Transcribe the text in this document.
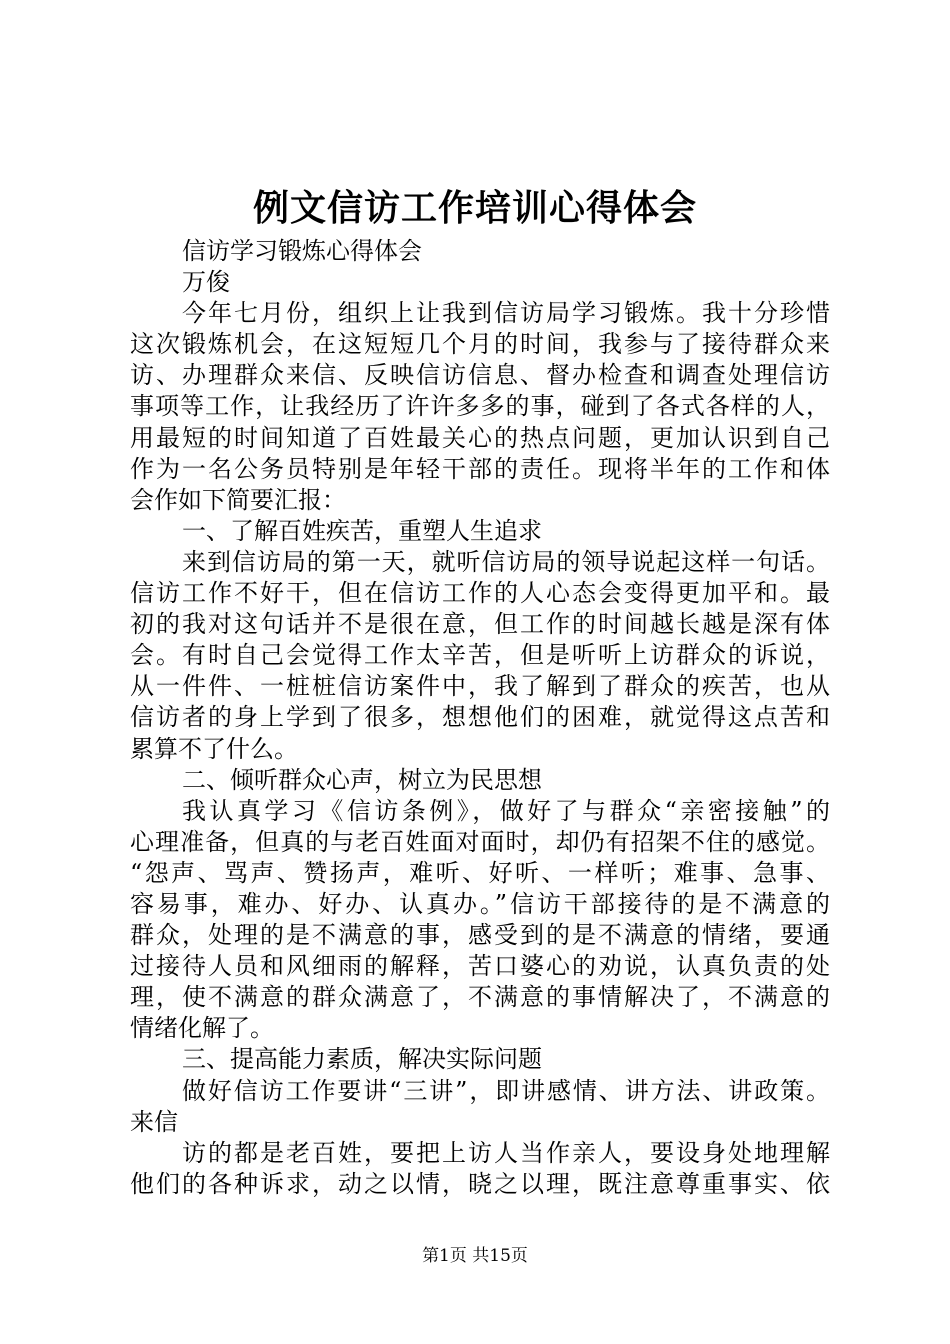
例文信访工作培训心得体会
信访学习锻炼心得体会
万俊
今年七月份，组织上让我到信访局学习锻炼。我十分珍惜
这次锻炼机会，在这短短几个月的时间，我参与了接待群众来
访、办理群众来信、反映信访信息、督办检查和调查处理信访
事项等工作，让我经历了许许多多的事，碰到了各式各样的人，
用最短的时间知道了百姓最关心的热点问题，更加认识到自己
作为一名公务员特别是年轻干部的责任。现将半年的工作和体
会作如下简要汇报：
一、了解百姓疾苦，重塑人生追求
来到信访局的第一天，就听信访局的领导说起这样一句话。
信访工作不好干，但在信访工作的人心态会变得更加平和。最
初的我对这句话并不是很在意，但工作的时间越长越是深有体
会。有时自己会觉得工作太辛苦，但是听听上访群众的诉说，
从一件件、一桩桩信访案件中，我了解到了群众的疾苦，也从
信访者的身上学到了很多，想想他们的困难，就觉得这点苦和
累算不了什么。
二、倾听群众心声，树立为民思想
我认真学习《信访条例》，做好了与群众“亲密接触”的
心理准备，但真的与老百姓面对面时，却仍有招架不住的感觉。
“怨声、骂声、赞扬声，难听、好听、一样听；难事、急事、
容易事，难办、好办、认真办。”信访干部接待的是不满意的
群众，处理的是不满意的事，感受到的是不满意的情绪，要通
过接待人员和风细雨的解释，苦口婆心的劝说，认真负责的处
理，使不满意的群众满意了，不满意的事情解决了，不满意的
情绪化解了。
三、提高能力素质，解决实际问题
做好信访工作要讲“三讲”，即讲感情、讲方法、讲政策。
来信
访的都是老百姓，要把上访人当作亲人，要设身处地理解
他们的各种诉求，动之以情，晓之以理，既注意尊重事实、依
第1页 共15页
